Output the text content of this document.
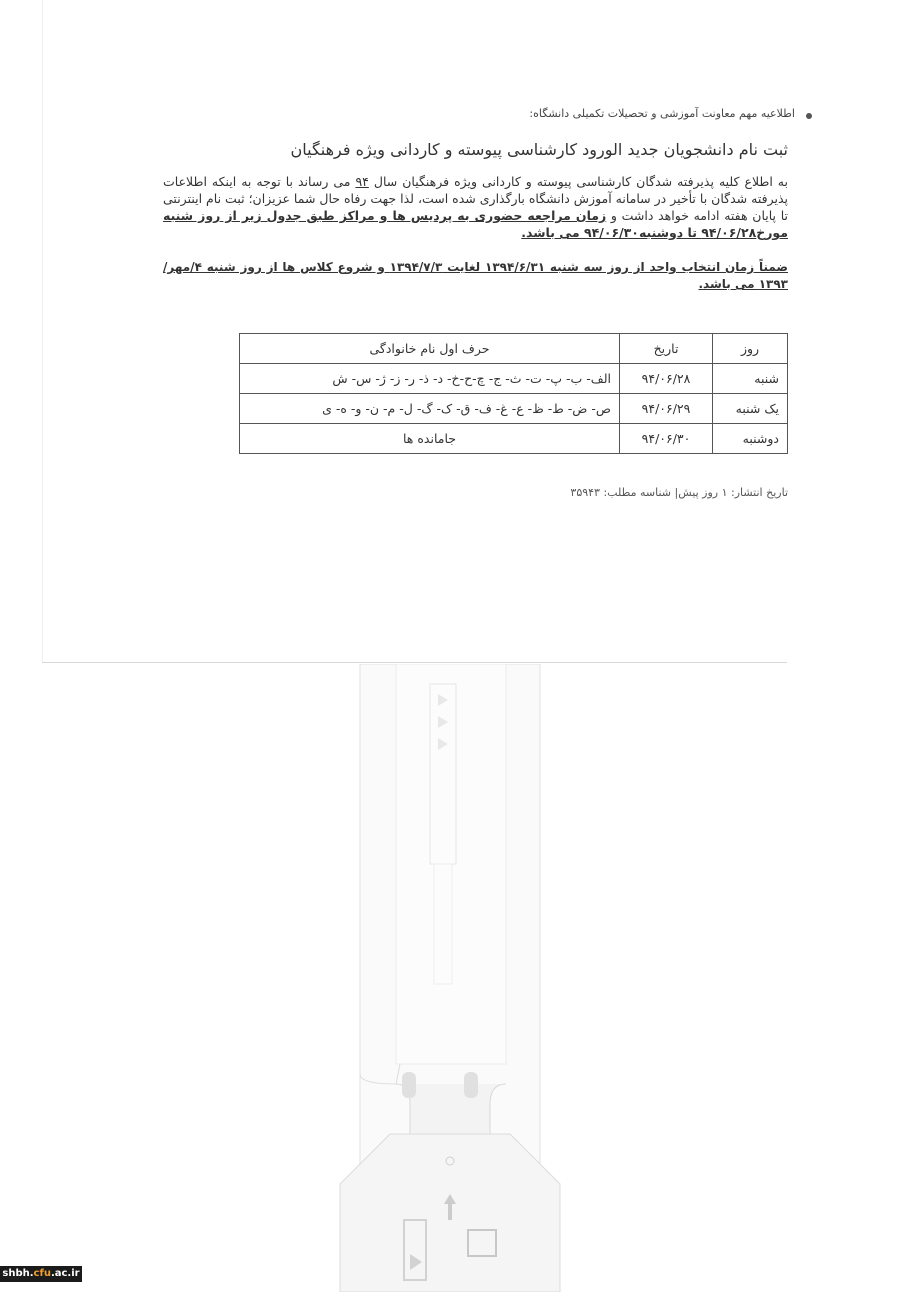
اطلاعیه مهم معاونت آموزشی و تحصیلات تکمیلی دانشگاه:
ثبت نام دانشجویان جدید الورود کارشناسی پیوسته و کاردانی ویژه فرهنگیان
به اطلاع کلیه پذیرفته شدگان کارشناسی پیوسته و کاردانی ویژه فرهنگیان سال ۹۴ می رساند با توجه به اینکه اطلاعات پذیرفته شدگان با تأخیر در سامانه آموزش دانشگاه بارگذاری شده است، لذا جهت رفاه حال شما عزیزان؛ ثبت نام اینترنتی تا پایان هفته ادامه خواهد داشت و زمان مراجعه حضوری به پردیس ها و مراکز طبق جدول زیر از روز شنبه مورخ۹۴/۰۶/۲۸ تا دوشنبه۹۴/۰۶/۳۰ می باشد.
ضمناً زمان انتخاب واحد از روز سه شنبه ۱۳۹۴/۶/۳۱ لغایت ۱۳۹۴/۷/۳ و شروع کلاس ها از روز شنبه ۴/مهر/۱۳۹۳ می باشد.
روز	تاریخ	حرف اول نام خانوادگی
شنبه	۹۴/۰۶/۲۸	الف- ب- پ- ت- ث- ج- چ-ح-خ- د- ذ- ر- ز- ژ- س- ش
یک شنبه	۹۴/۰۶/۲۹	ص- ض- ط- ظ- ع- غ- ف- ق- ک- گ- ل- م- ن- و- ه- ی
دوشنبه	۹۴/۰۶/۳۰	جامانده ها
تاریخ انتشار: ۱ روز پیش| شناسه مطلب: ۳۵۹۴۳
shbh.cfu.ac.ir
